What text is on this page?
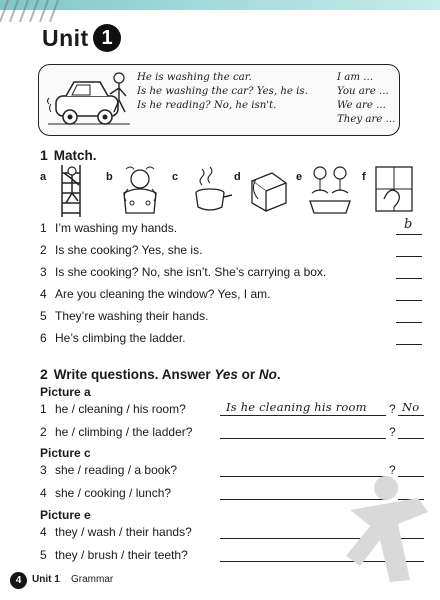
Unit 1
He is washing the car.
Is he washing the car? Yes, he is.
Is he reading? No, he isn't.
I am ...
You are ...
We are ...
They are ...
1 Match.
a	b	c	d	e	f
1 I’m washing my hands.	b
2 Is she cooking? Yes, she is.
3 Is she cooking? No, she isn’t. She’s carrying a box.
4 Are you cleaning the window? Yes, I am.
5 They’re washing their hands.
6 He’s climbing the ladder.
2 Write questions. Answer Yes or No.
Picture a
1 he / cleaning / his room?	Is he cleaning his room ? No
2 he / climbing / the ladder?	?
Picture c
3 she / reading / a book?	?
4 she / cooking / lunch?
Picture e
4 they / wash / their hands?
5 they / brush / their teeth?
4	Unit 1 Grammar
